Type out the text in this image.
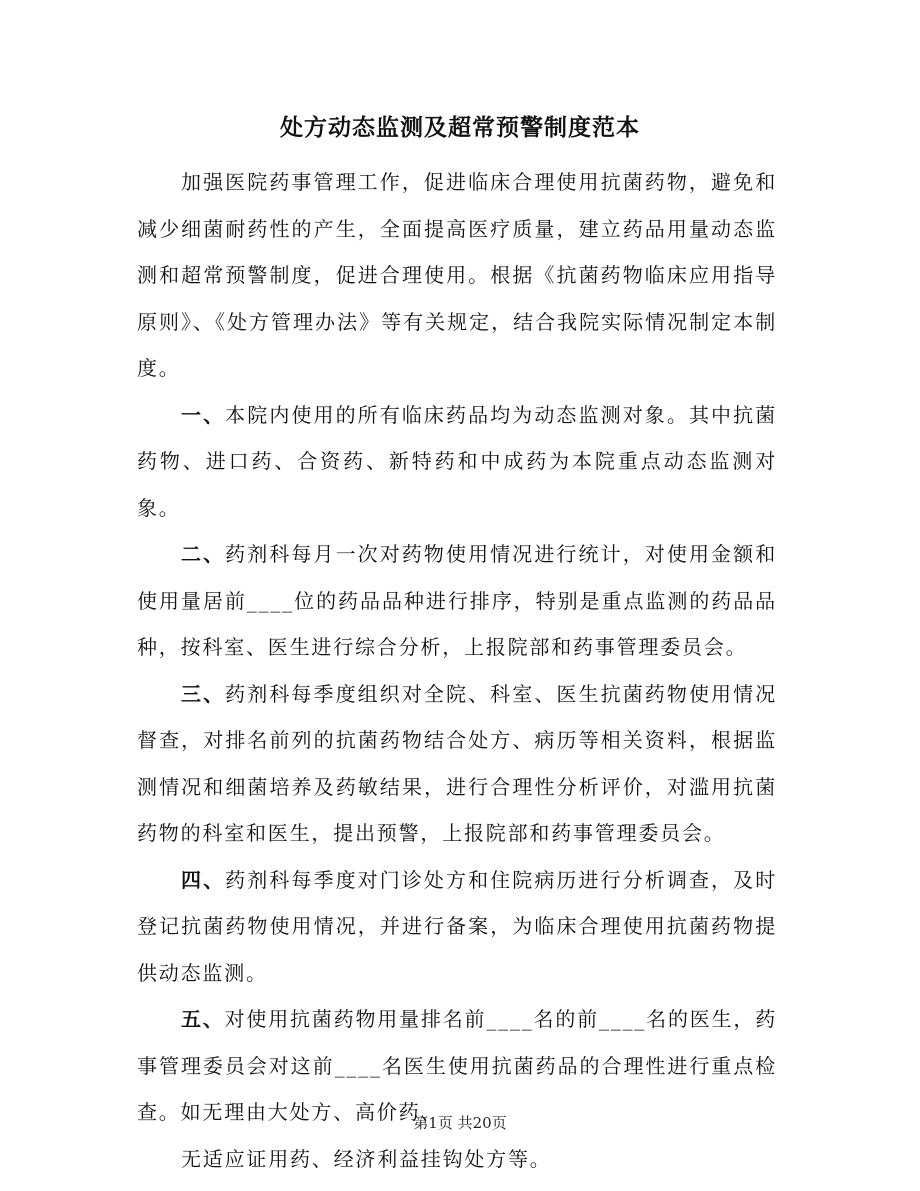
处方动态监测及超常预警制度范本

加强医院药事管理工作，促进临床合理使用抗菌药物，避免和减少细菌耐药性的产生，全面提高医疗质量，建立药品用量动态监测和超常预警制度，促进合理使用。根据《抗菌药物临床应用指导原则》、《处方管理办法》等有关规定，结合我院实际情况制定本制度。

一、本院内使用的所有临床药品均为动态监测对象。其中抗菌药物、进口药、合资药、新特药和中成药为本院重点动态监测对象。

二、药剂科每月一次对药物使用情况进行统计，对使用金额和使用量居前____位的药品品种进行排序，特别是重点监测的药品品种，按科室、医生进行综合分析，上报院部和药事管理委员会。

三、药剂科每季度组织对全院、科室、医生抗菌药物使用情况督查，对排名前列的抗菌药物结合处方、病历等相关资料，根据监测情况和细菌培养及药敏结果，进行合理性分析评价，对滥用抗菌药物的科室和医生，提出预警，上报院部和药事管理委员会。

四、药剂科每季度对门诊处方和住院病历进行分析调查，及时登记抗菌药物使用情况，并进行备案，为临床合理使用抗菌药物提供动态监测。

五、对使用抗菌药物用量排名前____名的前____名的医生，药事管理委员会对这前____名医生使用抗菌药品的合理性进行重点检查。如无理由大处方、高价药、

无适应证用药、经济利益挂钩处方等。

第1页 共20页
